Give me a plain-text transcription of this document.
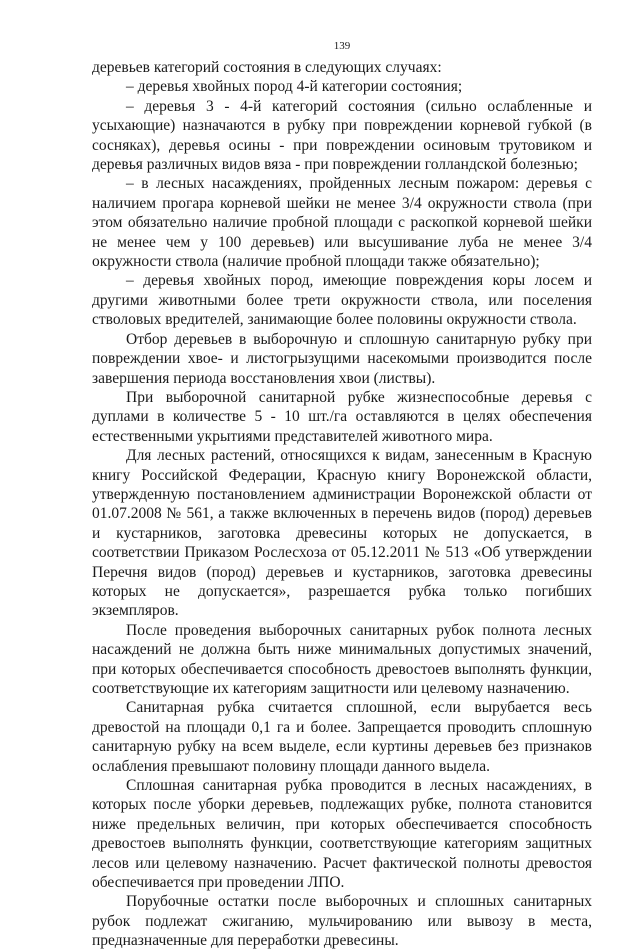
139

деревьев категорий состояния в следующих случаях:

– деревья хвойных пород 4-й категории состояния;

– деревья 3 - 4-й категорий состояния (сильно ослабленные и усыхающие) назначаются в рубку при повреждении корневой губкой (в сосняках), деревья осины - при повреждении осиновым трутовиком и деревья различных видов вяза - при повреждении голландской болезнью;

– в лесных насаждениях, пройденных лесным пожаром: деревья с наличием прогара корневой шейки не менее 3/4 окружности ствола (при этом обязательно наличие пробной площади с раскопкой корневой шейки не менее чем у 100 деревьев) или высушивание луба не менее 3/4 окружности ствола (наличие пробной площади также обязательно);

– деревья хвойных пород, имеющие повреждения коры лосем и другими животными более трети окружности ствола, или поселения стволовых вредителей, занимающие более половины окружности ствола.

Отбор деревьев в выборочную и сплошную санитарную рубку при повреждении хвое- и листогрызущими насекомыми производится после завершения периода восстановления хвои (листвы).

При выборочной санитарной рубке жизнеспособные деревья с дуплами в количестве 5 - 10 шт./га оставляются в целях обеспечения естественными укрытиями представителей животного мира.

Для лесных растений, относящихся к видам, занесенным в Красную книгу Российской Федерации, Красную книгу Воронежской области, утвержденную постановлением администрации Воронежской области от 01.07.2008 № 561, а также включенных в перечень видов (пород) деревьев и кустарников, заготовка древесины которых не допускается, в соответствии Приказом Рослесхоза от 05.12.2011 № 513 «Об утверждении Перечня видов (пород) деревьев и кустарников, заготовка древесины которых не допускается», разрешается рубка только погибших экземпляров.

После проведения выборочных санитарных рубок полнота лесных насаждений не должна быть ниже минимальных допустимых значений, при которых обеспечивается способность древостоев выполнять функции, соответствующие их категориям защитности или целевому назначению.

Санитарная рубка считается сплошной, если вырубается весь древостой на площади 0,1 га и более. Запрещается проводить сплошную санитарную рубку на всем выделе, если куртины деревьев без признаков ослабления превышают половину площади данного выдела.

Сплошная санитарная рубка проводится в лесных насаждениях, в которых после уборки деревьев, подлежащих рубке, полнота становится ниже предельных величин, при которых обеспечивается способность древостоев выполнять функции, соответствующие категориям защитных лесов или целевому назначению. Расчет фактической полноты древостоя обеспечивается при проведении ЛПО.

Порубочные остатки после выборочных и сплошных санитарных рубок подлежат сжиганию, мульчированию или вывозу в места, предназначенные для переработки древесины.
